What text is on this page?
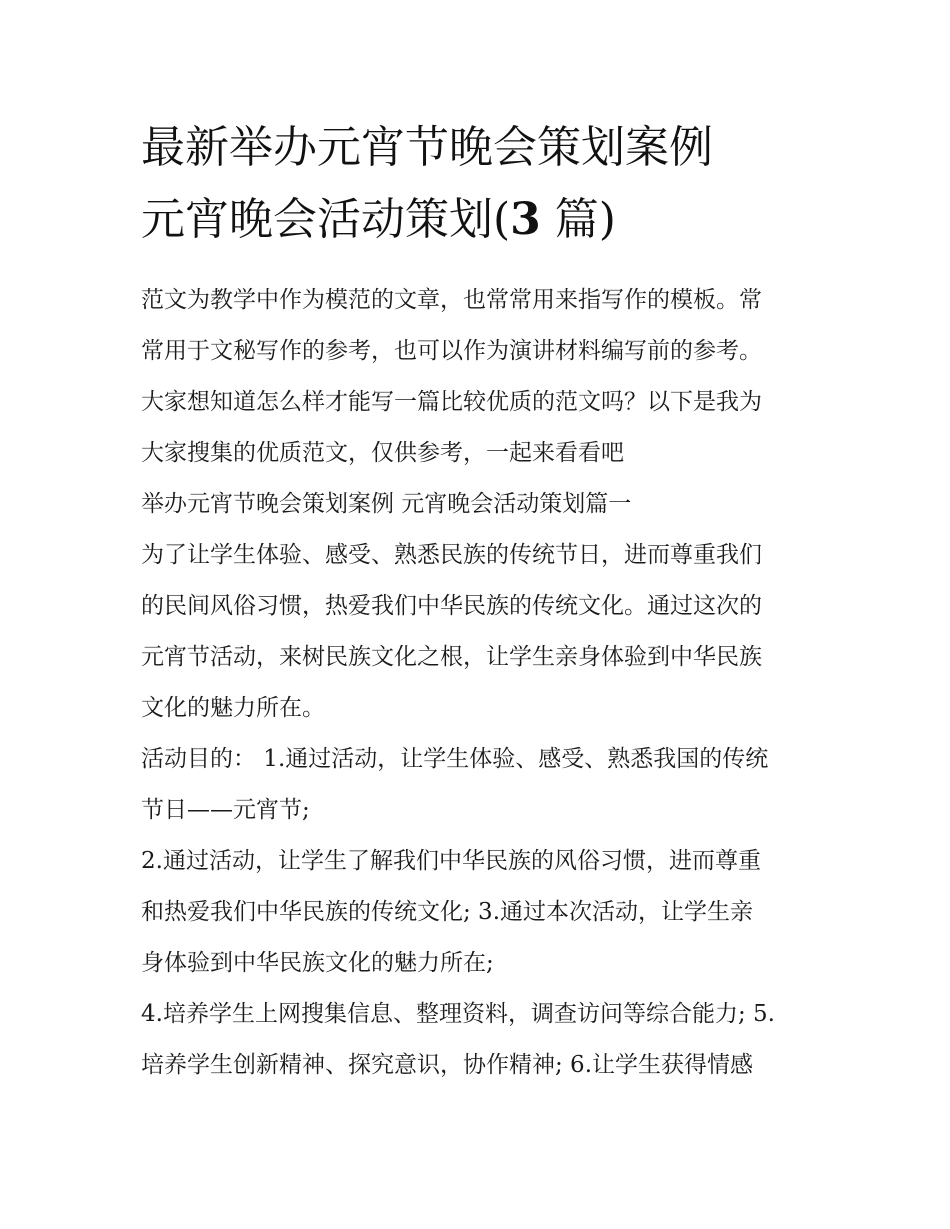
最新举办元宵节晚会策划案例
元宵晚会活动策划(3 篇)
范文为教学中作为模范的文章，也常常用来指写作的模板。常
常用于文秘写作的参考，也可以作为演讲材料编写前的参考。
大家想知道怎么样才能写一篇比较优质的范文吗？以下是我为
大家搜集的优质范文，仅供参考，一起来看看吧
举办元宵节晚会策划案例 元宵晚会活动策划篇一
为了让学生体验、感受、熟悉民族的传统节日，进而尊重我们
的民间风俗习惯，热爱我们中华民族的传统文化。通过这次的
元宵节活动，来树民族文化之根，让学生亲身体验到中华民族
文化的魅力所在。
活动目的： 1.通过活动，让学生体验、感受、熟悉我国的传统
节日——元宵节;
2.通过活动，让学生了解我们中华民族的风俗习惯，进而尊重
和热爱我们中华民族的传统文化; 3.通过本次活动，让学生亲
身体验到中华民族文化的魅力所在;
4.培养学生上网搜集信息、整理资料，调查访问等综合能力; 5.
培养学生创新精神、探究意识，协作精神; 6.让学生获得情感
